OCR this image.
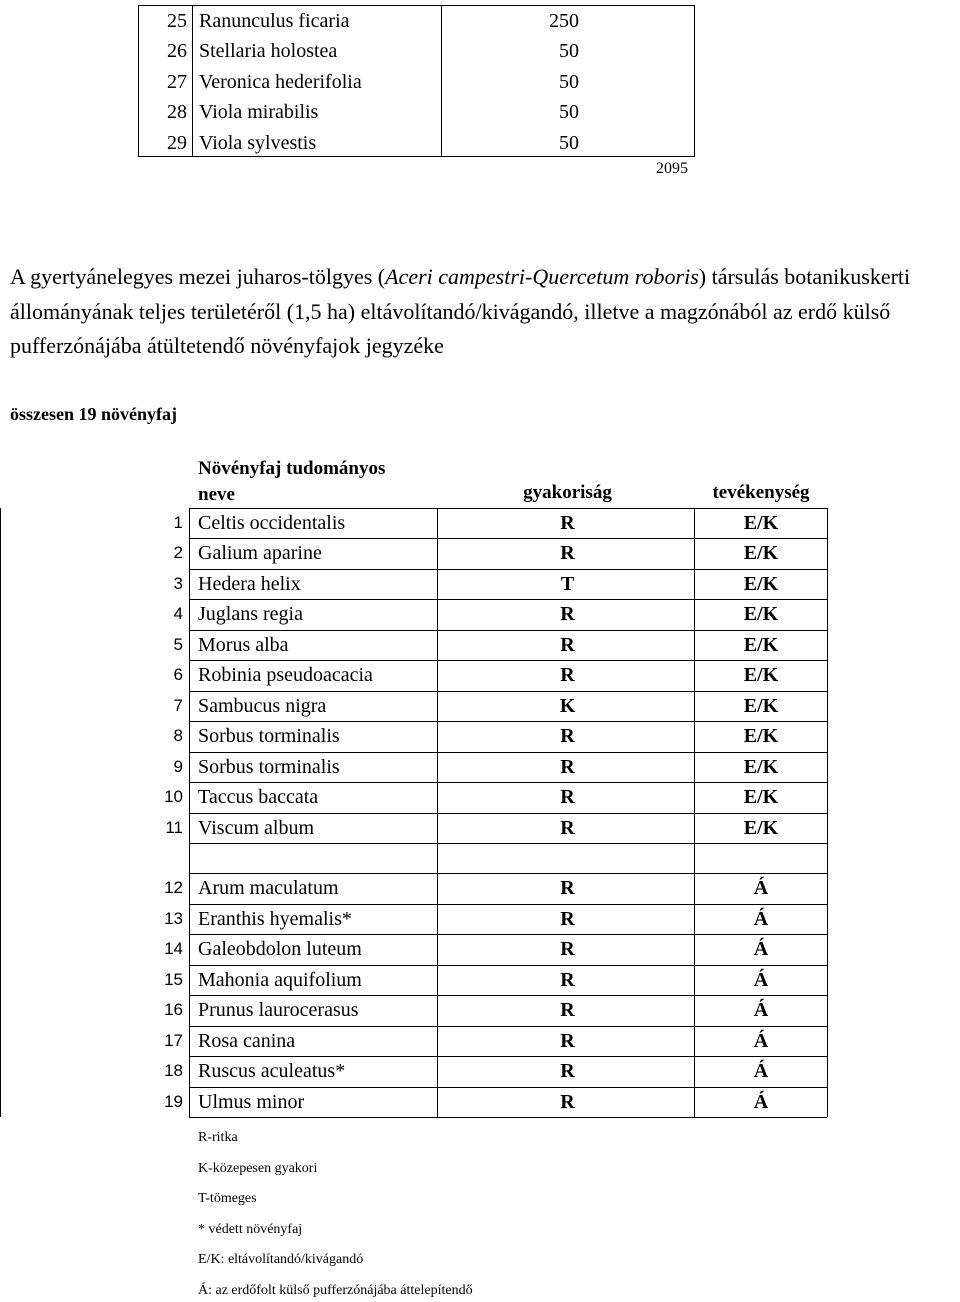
25 Ranunculus ficaria	250
26 Stellaria holostea	50
27 Veronica hederifolia	50
28 Viola mirabilis	50
29 Viola sylvestis	50
2095
A gyertyánelegyes mezei juharos-tölgyes (Aceri campestri-Quercetum roboris) társulás botanikuskerti állományának teljes területéről (1,5 ha) eltávolítandó/kivágandó, illetve a magzónából az erdő külső pufferzónájába átültetendő növényfajok jegyzéke
összesen 19 növényfaj
Növényfaj tudományos
neve	gyakoriság	tevékenység
1 Celtis occidentalis	R	E/K
2 Galium aparine	R	E/K
3 Hedera helix	T	E/K
4 Juglans regia	R	E/K
5 Morus alba	R	E/K
6 Robinia pseudoacacia	R	E/K
7 Sambucus nigra	K	E/K
8 Sorbus torminalis	R	E/K
9 Sorbus torminalis	R	E/K
10 Taccus baccata	R	E/K
11 Viscum album	R	E/K
12 Arum maculatum	R	Á
13 Eranthis hyemalis*	R	Á
14 Galeobdolon luteum	R	Á
15 Mahonia aquifolium	R	Á
16 Prunus laurocerasus	R	Á
17 Rosa canina	R	Á
18 Ruscus aculeatus*	R	Á
19 Ulmus minor	R	Á
R-ritka
K-közepesen gyakori
T-tömeges
* védett növényfaj
E/K: eltávolítandó/kivágandó
Á: az erdőfolt külső pufferzónájába áttelepítendő
